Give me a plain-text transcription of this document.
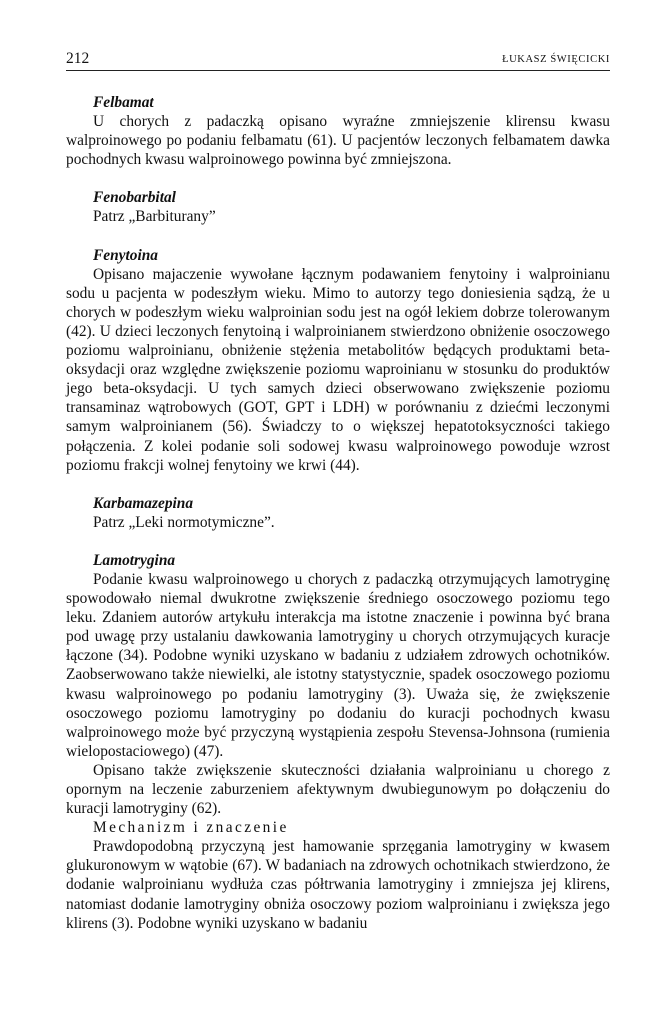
212	ŁUKASZ ŚWIĘCICKI
Felbamat

U chorych z padaczką opisano wyraźne zmniejszenie klirensu kwasu walproinowego po podaniu felbamatu (61). U pacjentów leczonych felbamatem dawka pochodnych kwasu walproinowego powinna być zmniejszona.

Fenobarbital

Patrz „Barbiturany”

Fenytoina

Opisano majaczenie wywołane łącznym podawaniem fenytoiny i walproinianu sodu u pacjenta w podeszłym wieku. Mimo to autorzy tego doniesienia sądzą, że u chorych w podeszłym wieku walproinian sodu jest na ogół lekiem dobrze tolerowanym (42). U dzieci leczonych fenytoiną i walproinianem stwierdzono obniżenie osoczowego poziomu walproinianu, obniżenie stężenia metabolitów będących produktami beta-oksydacji oraz względne zwiększenie poziomu waproinianu w stosunku do produktów jego beta-oksydacji. U tych samych dzieci obserwowano zwiększenie poziomu transaminaz wątrobowych (GOT, GPT i LDH) w porównaniu z dziećmi leczonymi samym walproinianem (56). Świadczy to o większej hepatotoksyczności takiego połączenia. Z kolei podanie soli sodowej kwasu walproinowego powoduje wzrost poziomu frakcji wolnej fenytoiny we krwi (44).

Karbamazepina

Patrz „Leki normotymiczne”.

Lamotrygina

Podanie kwasu walproinowego u chorych z padaczką otrzymujących lamotryginę spowodowało niemal dwukrotne zwiększenie średniego osoczowego poziomu tego leku. Zdaniem autorów artykułu interakcja ma istotne znaczenie i powinna być brana pod uwagę przy ustalaniu dawkowania lamotryginy u chorych otrzymujących kuracje łączone (34). Podobne wyniki uzyskano w badaniu z udziałem zdrowych ochotników. Zaobserwowano także niewielki, ale istotny statystycznie, spadek osoczowego poziomu kwasu walproinowego po podaniu lamotryginy (3). Uważa się, że zwiększenie osoczowego poziomu lamotryginy po dodaniu do kuracji pochodnych kwasu walproinowego może być przyczyną wystąpienia zespołu Stevensa-Johnsona (rumienia wielopostaciowego) (47).

Opisano także zwiększenie skuteczności działania walproinianu u chorego z opornym na leczenie zaburzeniem afektywnym dwubiegunowym po dołączeniu do kuracji lamotryginy (62).

Mechanizm i znaczenie

Prawdopodobną przyczyną jest hamowanie sprzęgania lamotryginy w kwasem glukuronowym w wątobie (67). W badaniach na zdrowych ochotnikach stwierdzono, że dodanie walproinianu wydłuża czas półtrwania lamotryginy i zmniejsza jej klirens, natomiast dodanie lamotryginy obniża osoczowy poziom walproinianu i zwiększa jego klirens (3). Podobne wyniki uzyskano w badaniu
